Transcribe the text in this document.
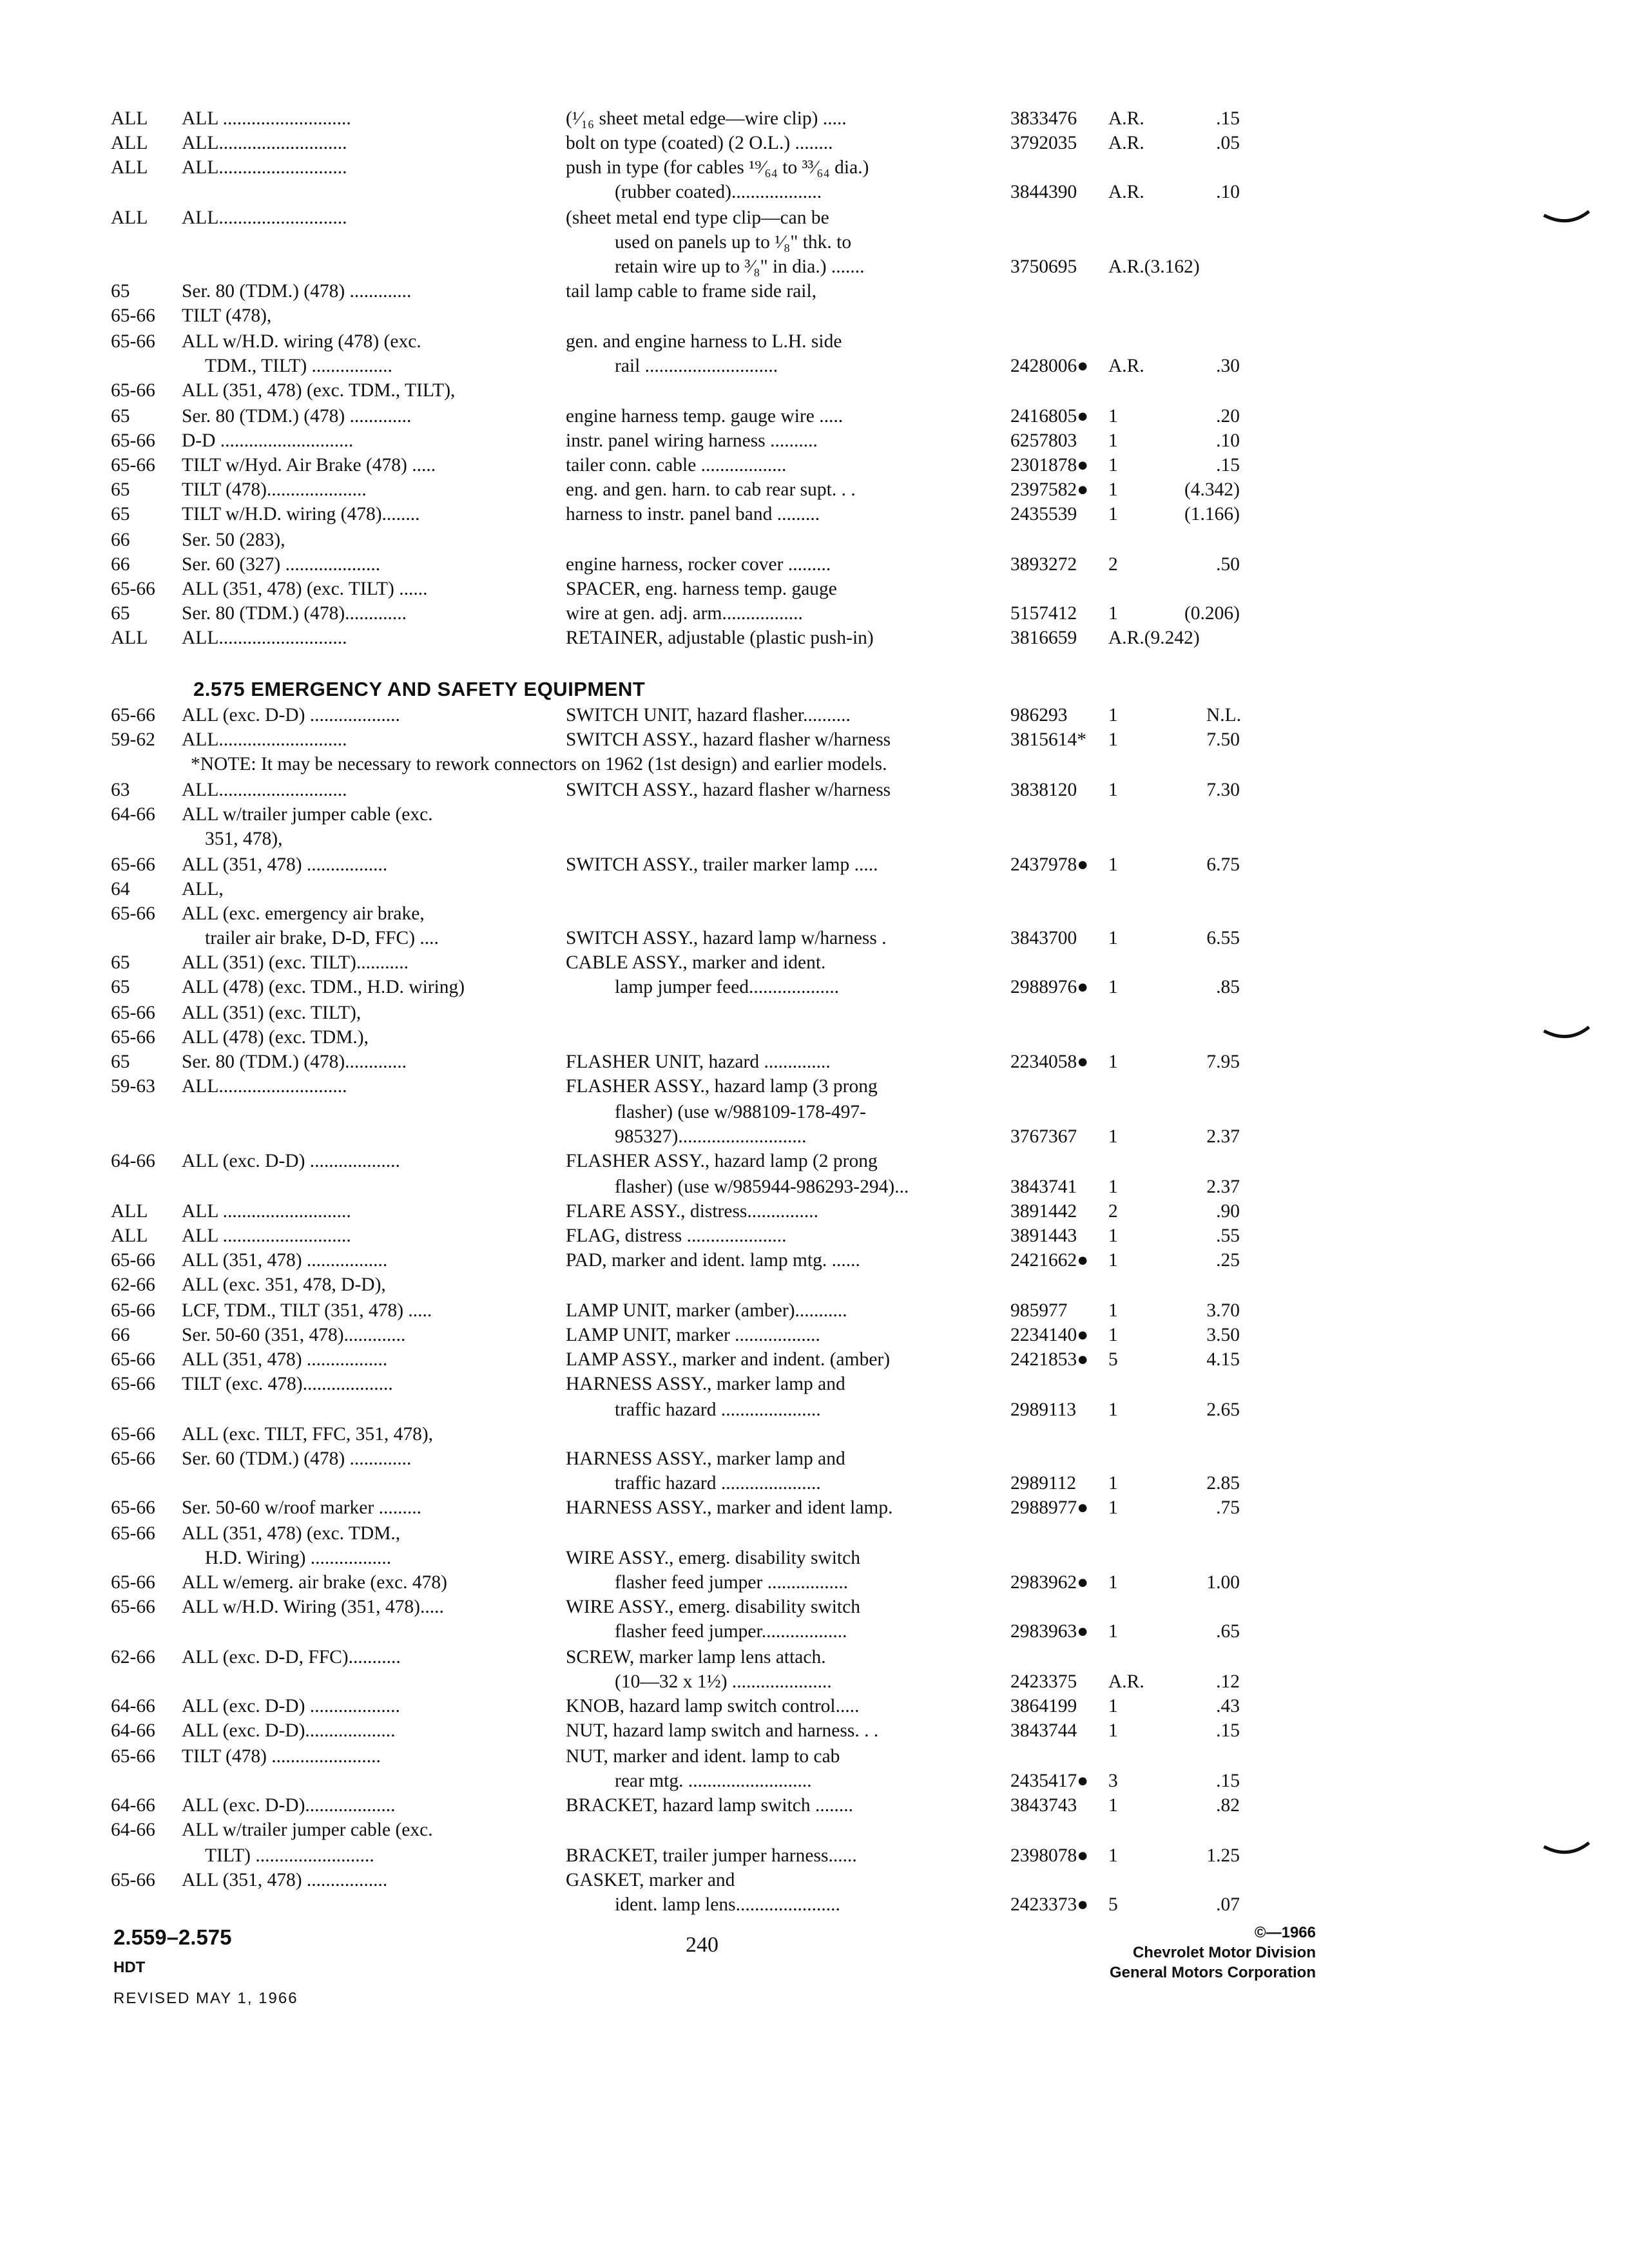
ALL ALL ...........................	(¹⁄₁₆ sheet metal edge—wire clip) .....	3833476 A.R.	.15
ALL ALL...........................	bolt on type (coated) (2 O.L.) ........	3792035 A.R.	.05
ALL ALL...........................	push in type (for cables ¹⁹⁄₆₄ to ³³⁄₆₄ dia.)
(rubber coated)...................	3844390 A.R.	.10
ALL ALL...........................	(sheet metal end type clip—can be
used on panels up to ¹⁄₈" thk. to
retain wire up to ³⁄₈" in dia.) .......	3750695 A.R.(3.162)
65	Ser. 80 (TDM.) (478) .............	tail lamp cable to frame side rail,
65-66 TILT (478),
65-66 ALL w/H.D. wiring (478) (exc.	gen. and engine harness to L.H. side
TDM., TILT) .................	rail ............................	2428006● A.R.	.30
65-66 ALL (351, 478) (exc. TDM., TILT),
65	Ser. 80 (TDM.) (478) .............	engine harness temp. gauge wire .....	2416805● 1	.20
65-66 D-D ............................	instr. panel wiring harness ..........	6257803 1	.10
65-66 TILT w/Hyd. Air Brake (478) .....	tailer conn. cable ..................	2301878● 1	.15
65	TILT (478).....................	eng. and gen. harn. to cab rear supt. . .	2397582● 1	(4.342)
65	TILT w/H.D. wiring (478)........	harness to instr. panel band .........	2435539 1	(1.166)
66	Ser. 50 (283),
66	Ser. 60 (327) ....................	engine harness, rocker cover .........	3893272 2	.50
65-66 ALL (351, 478) (exc. TILT) ......	SPACER, eng. harness temp. gauge
65	Ser. 80 (TDM.) (478).............	wire at gen. adj. arm.................	5157412 1	(0.206)
ALL ALL...........................	RETAINER, adjustable (plastic push-in)	3816659 A.R.(9.242)
65-66 ALL (exc. D-D) ...................	SWITCH UNIT, hazard flasher..........	986293 1	N.L.
59-62 ALL...........................	SWITCH ASSY., hazard flasher w/harness	3815614* 1	7.50
*NOTE: It may be necessary to rework connectors on 1962 (1st design) and earlier models.
63	ALL...........................	SWITCH ASSY., hazard flasher w/harness	3838120 1	7.30
64-66 ALL w/trailer jumper cable (exc.
351, 478),
65-66 ALL (351, 478) .................	SWITCH ASSY., trailer marker lamp .....	2437978● 1	6.75
64	ALL,
65-66 ALL (exc. emergency air brake,
trailer air brake, D-D, FFC) ....	SWITCH ASSY., hazard lamp w/harness .	3843700 1	6.55
65	ALL (351) (exc. TILT)...........	CABLE ASSY., marker and ident.
65	ALL (478) (exc. TDM., H.D. wiring)	lamp jumper feed...................	2988976● 1	.85
65-66 ALL (351) (exc. TILT),
65-66 ALL (478) (exc. TDM.),
65	Ser. 80 (TDM.) (478).............	FLASHER UNIT, hazard ..............	2234058● 1	7.95
59-63 ALL...........................	FLASHER ASSY., hazard lamp (3 prong
flasher) (use w/988109-178-497-
985327)...........................	3767367 1	2.37
64-66 ALL (exc. D-D) ...................	FLASHER ASSY., hazard lamp (2 prong
flasher) (use w/985944-986293-294)...	3843741 1	2.37
ALL ALL ...........................	FLARE ASSY., distress...............	3891442 2	.90
ALL ALL ...........................	FLAG, distress .....................	3891443 1	.55
65-66 ALL (351, 478) .................	PAD, marker and ident. lamp mtg. ......	2421662● 1	.25
62-66 ALL (exc. 351, 478, D-D),
65-66 LCF, TDM., TILT (351, 478) .....	LAMP UNIT, marker (amber)...........	985977 1	3.70
66	Ser. 50-60 (351, 478).............	LAMP UNIT, marker ..................	2234140● 1	3.50
65-66 ALL (351, 478) .................	LAMP ASSY., marker and indent. (amber)	2421853● 5	4.15
65-66 TILT (exc. 478)...................	HARNESS ASSY., marker lamp and
traffic hazard .....................	2989113 1	2.65
65-66 ALL (exc. TILT, FFC, 351, 478),
65-66 Ser. 60 (TDM.) (478) .............	HARNESS ASSY., marker lamp and
traffic hazard .....................	2989112 1	2.85
65-66 Ser. 50-60 w/roof marker .........	HARNESS ASSY., marker and ident lamp.	2988977● 1	.75
65-66 ALL (351, 478) (exc. TDM.,
H.D. Wiring) .................	WIRE ASSY., emerg. disability switch
65-66 ALL w/emerg. air brake (exc. 478)	flasher feed jumper .................	2983962● 1	1.00
65-66 ALL w/H.D. Wiring (351, 478).....	WIRE ASSY., emerg. disability switch
flasher feed jumper..................	2983963● 1	.65
62-66 ALL (exc. D-D, FFC)...........	SCREW, marker lamp lens attach.
(10—32 x 1½) .....................	2423375 A.R.	.12
64-66 ALL (exc. D-D) ...................	KNOB, hazard lamp switch control.....	3864199 1	.43
64-66 ALL (exc. D-D)...................	NUT, hazard lamp switch and harness. . .	3843744 1	.15
65-66 TILT (478) .......................	NUT, marker and ident. lamp to cab
rear mtg. ..........................	2435417● 3	.15
64-66 ALL (exc. D-D)...................	BRACKET, hazard lamp switch ........	3843743 1	.82
64-66 ALL w/trailer jumper cable (exc.
TILT) .........................	BRACKET, trailer jumper harness......	2398078● 1	1.25
65-66 ALL (351, 478) .................	GASKET, marker and
ident. lamp lens......................	2423373● 5	.07
2.575 EMERGENCY AND SAFETY EQUIPMENT
2.559–2.575
HDT
REVISED MAY 1, 1966
240
©—1966
Chevrolet Motor Division
General Motors Corporation
